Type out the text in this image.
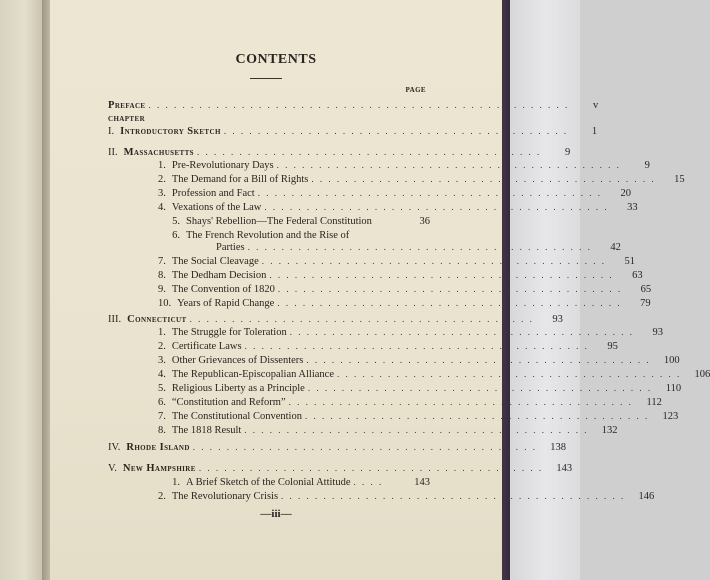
CONTENTS
PAGE
CHAPTER
Preface . . . . . . . . . . . . . . . . . . . . . . . . . . . . . . . . . . . . . . . . . . . . . . . . . .	v
I. Introductory Sketch . . . . . . . . . . . . . . . . . . . . . . . . . . . . . . . . . . . . . . . . .	1
II. Massachusetts . . . . . . . . . . . . . . . . . . . . . . . . . . . . . . . . . . . . . . . . .	9
1. Pre-Revolutionary Days . . . . . . . . . . . . . . . . . . . . . . . . . . . . . . . . . . . . . . . . .	9
2. The Demand for a Bill of Rights . . . . . . . . . . . . . . . . . . . . . . . . . . . . . . . . . . . . . . . . .	15
3. Profession and Fact . . . . . . . . . . . . . . . . . . . . . . . . . . . . . . . . . . . . . . . . .	20
4. Vexations of the Law . . . . . . . . . . . . . . . . . . . . . . . . . . . . . . . . . . . . . . . . .	33
5. Shays' Rebellion—The Federal Constitution	36
6. The French Revolution and the Rise of
Parties . . . . . . . . . . . . . . . . . . . . . . . . . . . . . . . . . . . . . . . . .	42
7. The Social Cleavage . . . . . . . . . . . . . . . . . . . . . . . . . . . . . . . . . . . . . . . . .	51
8. The Dedham Decision . . . . . . . . . . . . . . . . . . . . . . . . . . . . . . . . . . . . . . . . .	63
9. The Convention of 1820 . . . . . . . . . . . . . . . . . . . . . . . . . . . . . . . . . . . . . . . . .	65
10. Years of Rapid Change . . . . . . . . . . . . . . . . . . . . . . . . . . . . . . . . . . . . . . . . .	79
III. Connecticut . . . . . . . . . . . . . . . . . . . . . . . . . . . . . . . . . . . . . . . . .	93
1. The Struggle for Toleration . . . . . . . . . . . . . . . . . . . . . . . . . . . . . . . . . . . . . . . . .	93
2. Certificate Laws . . . . . . . . . . . . . . . . . . . . . . . . . . . . . . . . . . . . . . . . .	95
3. Other Grievances of Dissenters . . . . . . . . . . . . . . . . . . . . . . . . . . . . . . . . . . . . . . . . .	100
4. The Republican-Episcopalian Alliance . . . . . . . . . . . . . . . . . . . . . . . . . . . . . . . . . . . . . . . . .	106
5. Religious Liberty as a Principle . . . . . . . . . . . . . . . . . . . . . . . . . . . . . . . . . . . . . . . . .	110
6. “Constitution and Reform” . . . . . . . . . . . . . . . . . . . . . . . . . . . . . . . . . . . . . . . . .	112
7. The Constitutional Convention . . . . . . . . . . . . . . . . . . . . . . . . . . . . . . . . . . . . . . . . .	123
8. The 1818 Result . . . . . . . . . . . . . . . . . . . . . . . . . . . . . . . . . . . . . . . . .	132
IV. Rhode Island . . . . . . . . . . . . . . . . . . . . . . . . . . . . . . . . . . . . . . . . .	138
V. New Hampshire . . . . . . . . . . . . . . . . . . . . . . . . . . . . . . . . . . . . . . . . .	143
1. A Brief Sketch of the Colonial Attitude . . . .	143
2. The Revolutionary Crisis . . . . . . . . . . . . . . . . . . . . . . . . . . . . . . . . . . . . . . . . .	146
—iii—
